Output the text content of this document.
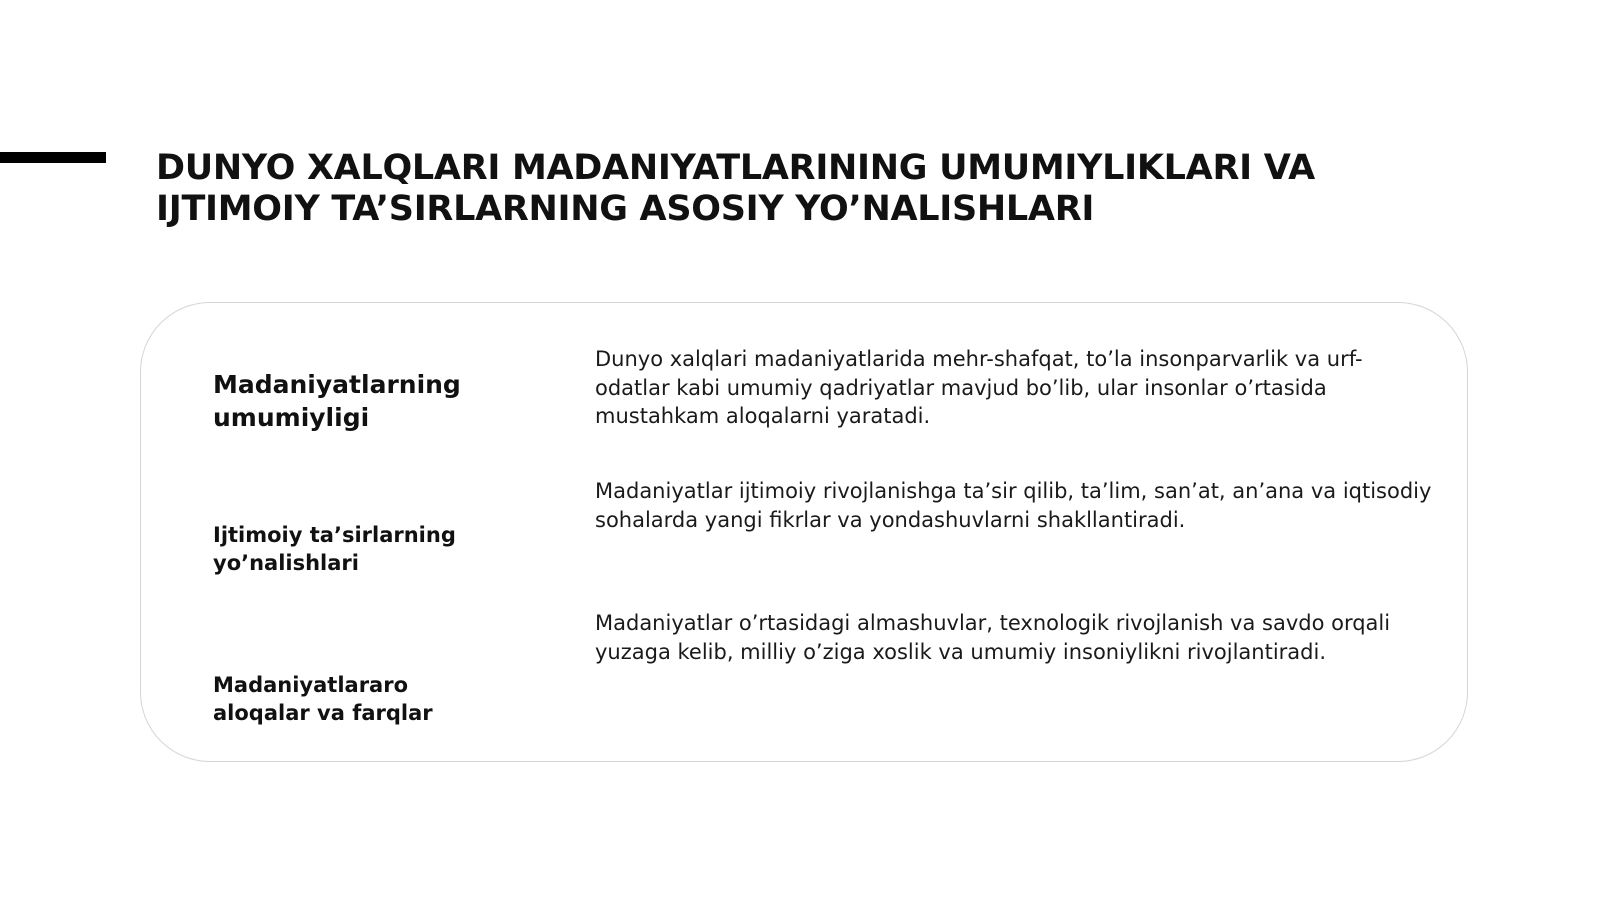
DUNYO XALQLARI MADANIYATLARINING UMUMIYLIKLARI VA IJTIMOIY TA’SIRLARNING ASOSIY YO’NALISHLARI

Madaniyatlarning umumiyligi

Dunyo xalqlari madaniyatlarida mehr-shafqat, to’la insonparvarlik va urf-odatlar kabi umumiy qadriyatlar mavjud bo’lib, ular insonlar o’rtasida mustahkam aloqalarni yaratadi.

Ijtimoiy ta’sirlarning yo’nalishlari

Madaniyatlar ijtimoiy rivojlanishga ta’sir qilib, ta’lim, san’at, an’ana va iqtisodiy sohalarda yangi fikrlar va yondashuvlarni shakllantiradi.

Madaniyatlararo aloqalar va farqlar

Madaniyatlar o’rtasidagi almashuvlar, texnologik rivojlanish va savdo orqali yuzaga kelib, milliy o’ziga xoslik va umumiy insoniylikni rivojlantiradi.
